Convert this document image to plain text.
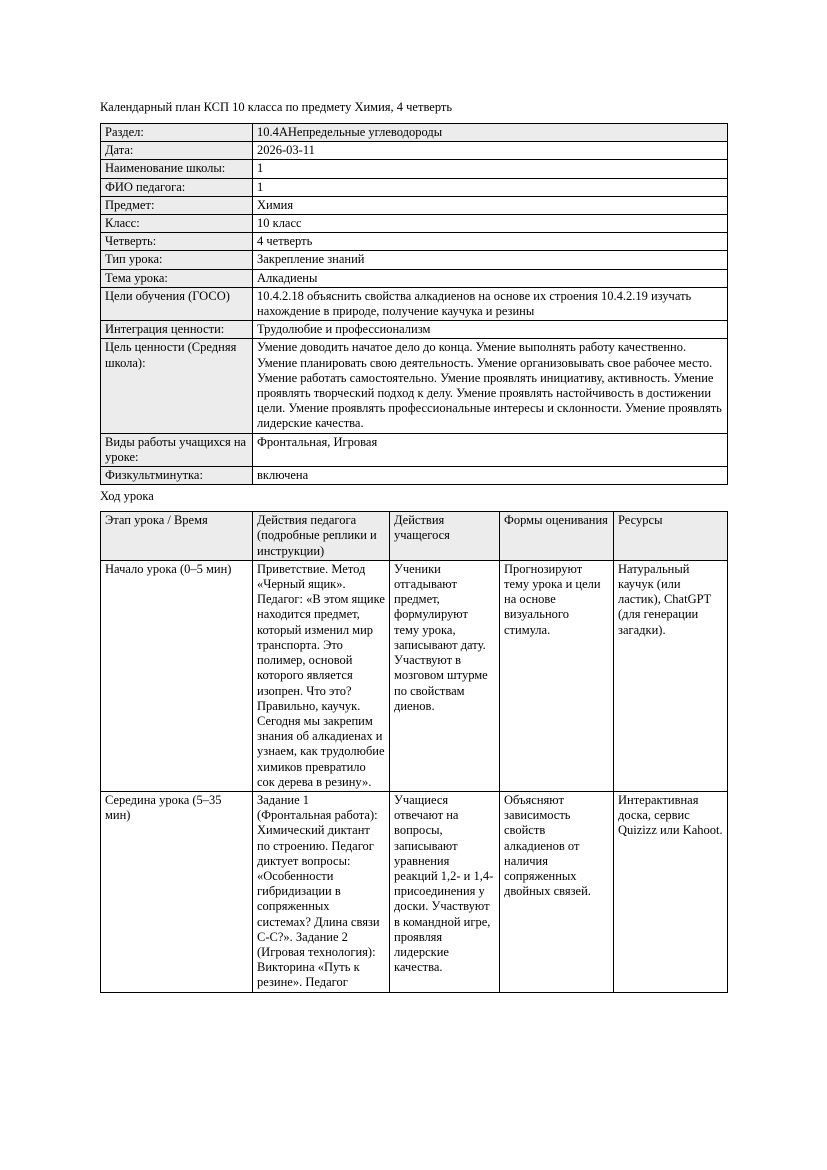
Календарный план КСП 10 класса по предмету Химия, 4 четверть
Раздел:	10.4АНепредельные углеводороды
Дата:	2026-03-11
Наименование школы:	1
ФИО педагога:	1
Предмет:	Химия
Класс:	10 класс
Четверть:	4 четверть
Тип урока:	Закрепление знаний
Тема урока:	Алкадиены
Цели обучения (ГОСО)	10.4.2.18 объяснить свойства алкадиенов на основе их строения 10.4.2.19 изучать нахождение в природе, получение каучука и резины
Интеграция ценности:	Трудолюбие и профессионализм
Цель ценности (Средняя школа):	Умение доводить начатое дело до конца. Умение выполнять работу качественно. Умение планировать свою деятельность. Умение организовывать свое рабочее место. Умение работать самостоятельно. Умение проявлять инициативу, активность. Умение проявлять творческий подход к делу. Умение проявлять настойчивость в достижении цели. Умение проявлять профессиональные интересы и склонности. Умение проявлять лидерские качества.
Виды работы учащихся на уроке:	Фронтальная, Игровая
Физкультминутка:	включена
Ход урока
Этап урока / Время	Действия педагога (подробные реплики и инструкции)	Действия учащегося	Формы оценивания	Ресурсы
Начало урока (0–5 мин)	Приветствие. Метод «Черный ящик». Педагог: «В этом ящике находится предмет, который изменил мир транспорта. Это полимер, основой которого является изопрен. Что это? Правильно, каучук. Сегодня мы закрепим знания об алкадиенах и узнаем, как трудолюбие химиков превратило сок дерева в резину».	Ученики отгадывают предмет, формулируют тему урока, записывают дату. Участвуют в мозговом штурме по свойствам диенов.	Прогнозируют тему урока и цели на основе визуального стимула.	Натуральный каучук (или ластик), ChatGPT (для генерации загадки).
Середина урока (5–35 мин)	Задание 1 (Фронтальная работа): Химический диктант по строению. Педагог диктует вопросы: «Особенности гибридизации в сопряженных системах? Длина связи С-С?». Задание 2 (Игровая технология): Викторина «Путь к резине». Педагог	Учащиеся отвечают на вопросы, записывают уравнения реакций 1,2- и 1,4-присоединения у доски. Участвуют в командной игре, проявляя лидерские качества.	Объясняют зависимость свойств алкадиенов от наличия сопряженных двойных связей.	Интерактивная доска, сервис Quizizz или Kahoot.
